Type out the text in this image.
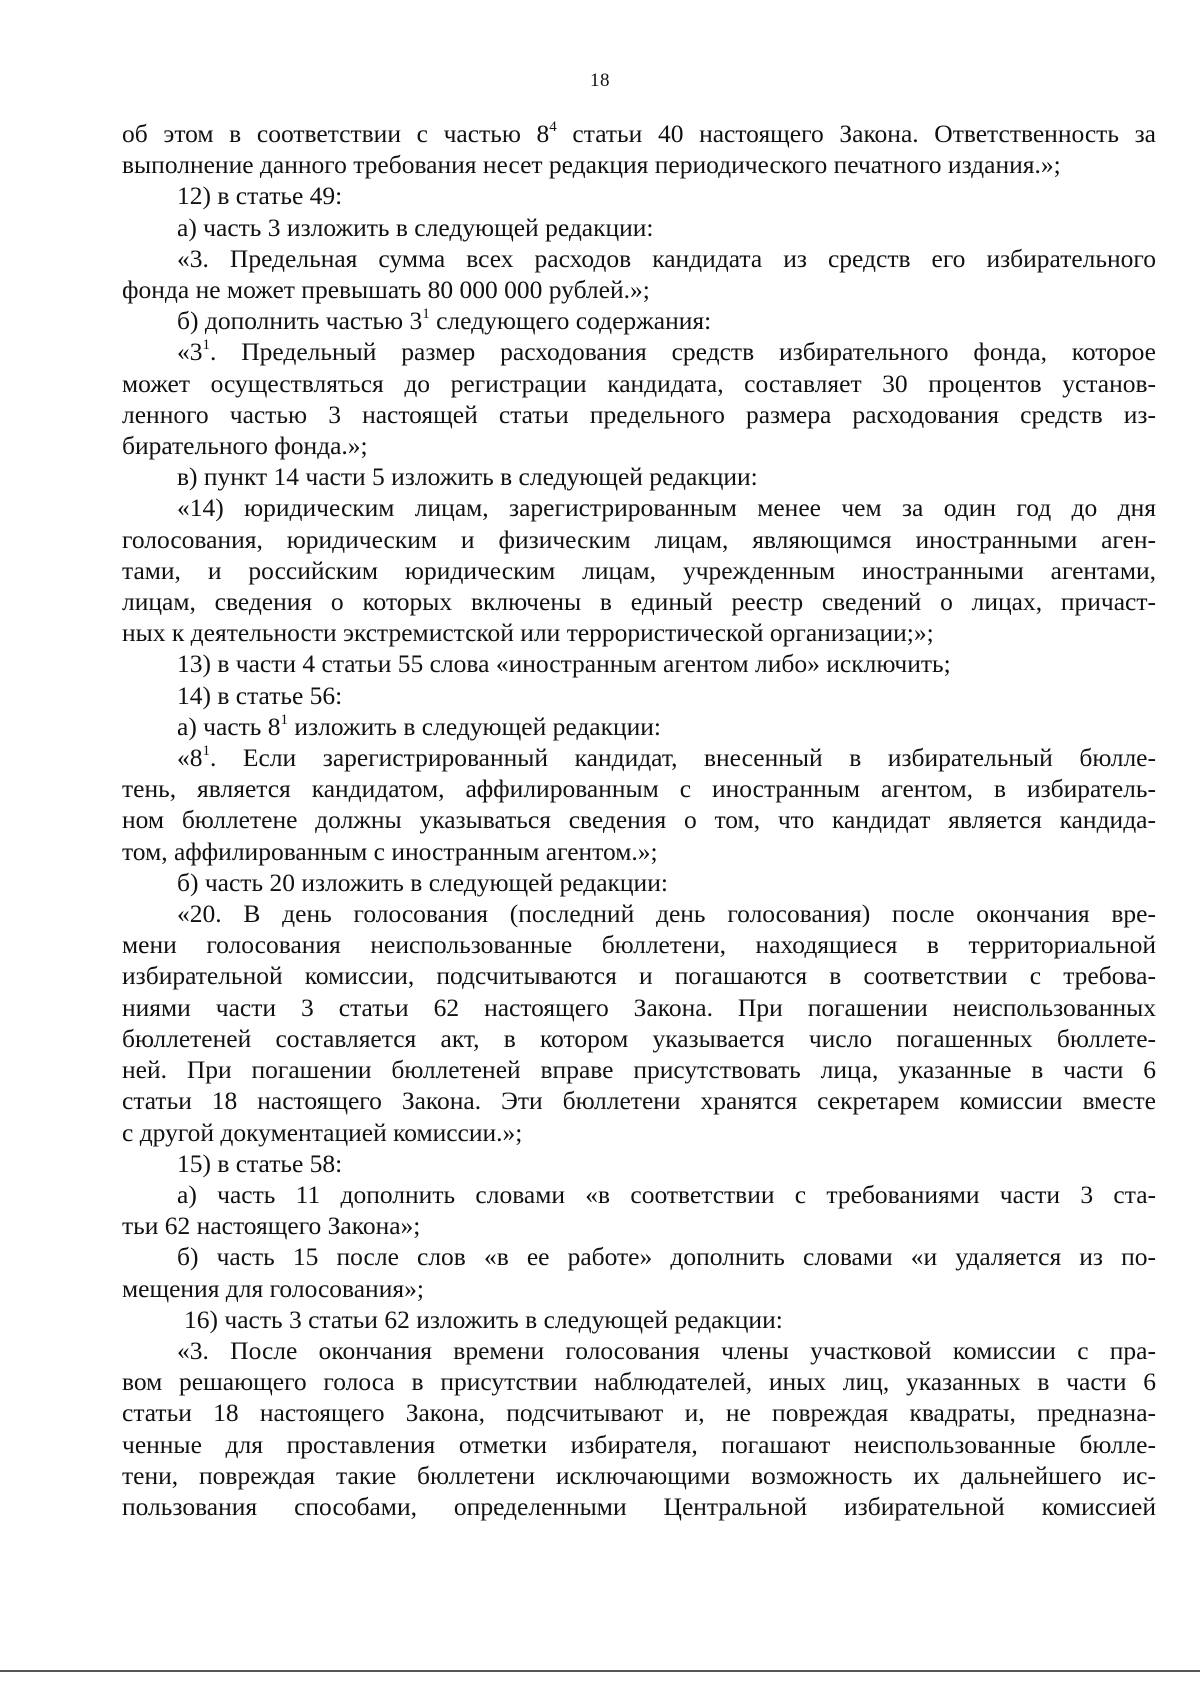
18

об этом в соответствии с частью $8^4$ статьи 40 настоящего Закона. Ответственность за

выполнение данного требования несет редакция периодического печатного издания.»;

12) в статье 49:

а) часть 3 изложить в следующей редакции:

«3. Предельная сумма всех расходов кандидата из средств его избирательного

фонда не может превышать 80 000 000 рублей.»;

б) дополнить частью $3^1$ следующего содержания:

«$3^1$. Предельный размер расходования средств избирательного фонда, которое

может осуществляться до регистрации кандидата, составляет 30 процентов установ-

ленного частью 3 настоящей статьи предельного размера расходования средств из-

бирательного фонда.»;

в) пункт 14 части 5 изложить в следующей редакции:

«14) юридическим лицам, зарегистрированным менее чем за один год до дня

голосования, юридическим и физическим лицам, являющимся иностранными аген-

тами, и российским юридическим лицам, учрежденным иностранными агентами,

лицам, сведения о которых включены в единый реестр сведений о лицах, причаст-

ных к деятельности экстремистской или террористической организации;»;

13) в части 4 статьи 55 слова «иностранным агентом либо» исключить;

14) в статье 56:

а) часть $8^1$ изложить в следующей редакции:

«$8^1$. Если зарегистрированный кандидат, внесенный в избирательный бюлле-

тень, является кандидатом, аффилированным с иностранным агентом, в избиратель-

ном бюллетене должны указываться сведения о том, что кандидат является кандида-

том, аффилированным с иностранным агентом.»;

б) часть 20 изложить в следующей редакции:

«20. В день голосования (последний день голосования) после окончания вре-

мени голосования неиспользованные бюллетени, находящиеся в территориальной

избирательной комиссии, подсчитываются и погашаются в соответствии с требова-

ниями части 3 статьи 62 настоящего Закона. При погашении неиспользованных

бюллетеней составляется акт, в котором указывается число погашенных бюллете-

ней. При погашении бюллетеней вправе присутствовать лица, указанные в части 6

статьи 18 настоящего Закона. Эти бюллетени хранятся секретарем комиссии вместе

с другой документацией комиссии.»;

15) в статье 58:

а) часть 11 дополнить словами «в соответствии с требованиями части 3 ста-

тьи 62 настоящего Закона»;

б) часть 15 после слов «в ее работе» дополнить словами «и удаляется из по-

мещения для голосования»;

16) часть 3 статьи 62 изложить в следующей редакции:

«3. После окончания времени голосования члены участковой комиссии с пра-

вом решающего голоса в присутствии наблюдателей, иных лиц, указанных в части 6

статьи 18 настоящего Закона, подсчитывают и, не повреждая квадраты, предназна-

ченные для проставления отметки избирателя, погашают неиспользованные бюлле-

тени, повреждая такие бюллетени исключающими возможность их дальнейшего ис-

пользования способами, определенными Центральной избирательной комиссией
